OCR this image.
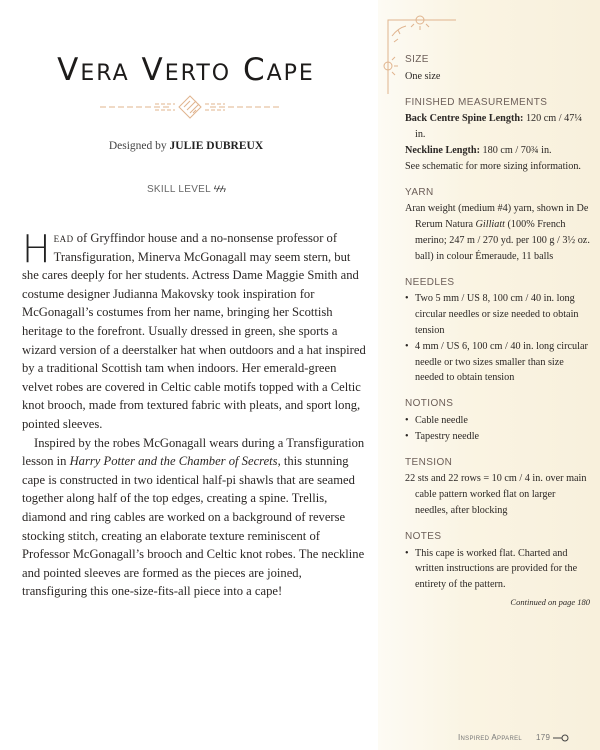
Vera Verto Cape
Designed by JULIE DUBREUX
SKILL LEVEL ϟϟϟ

Head of Gryffindor house and a no-nonsense professor of Transfiguration, Minerva McGonagall may seem stern, but she cares deeply for her students. Actress Dame Maggie Smith and costume designer Judianna Makovsky took inspiration for McGonagall’s costumes from her name, bringing her Scottish heritage to the forefront. Usually dressed in green, she sports a wizard version of a deerstalker hat when outdoors and a hat inspired by a traditional Scottish tam when indoors. Her emerald-green velvet robes are covered in Celtic cable motifs topped with a Celtic knot brooch, made from textured fabric with pleats, and sport long, pointed sleeves.

Inspired by the robes McGonagall wears during a Transfiguration lesson in Harry Potter and the Chamber of Secrets, this stunning cape is constructed in two identical half-pi shawls that are seamed together along half of the top edges, creating a spine. Trellis, diamond and ring cables are worked on a background of reverse stocking stitch, creating an elaborate texture reminiscent of Professor McGonagall’s brooch and Celtic knot robes. The neckline and pointed sleeves are formed as the pieces are joined, transfiguring this one-size-fits-all piece into a cape!

SIZE
One size
FINISHED MEASUREMENTS
Back Centre Spine Length: 120 cm / 47¼ in.
Neckline Length: 180 cm / 70¾ in.
See schematic for more sizing information.
YARN
Aran weight (medium #4) yarn, shown in De Rerum Natura Gilliatt (100% French merino; 247 m / 270 yd. per 100 g / 3½ oz. ball) in colour Émeraude, 11 balls
NEEDLES
• Two 5 mm / US 8, 100 cm / 40 in. long circular needles or size needed to obtain tension
• 4 mm / US 6, 100 cm / 40 in. long circular needle or two sizes smaller than size needed to obtain tension
NOTIONS
• Cable needle
• Tapestry needle
TENSION
22 sts and 22 rows = 10 cm / 4 in. over main cable pattern worked flat on larger needles, after blocking
NOTES
• This cape is worked flat. Charted and written instructions are provided for the entirety of the pattern.
Continued on page 180
Inspired Apparel 179
